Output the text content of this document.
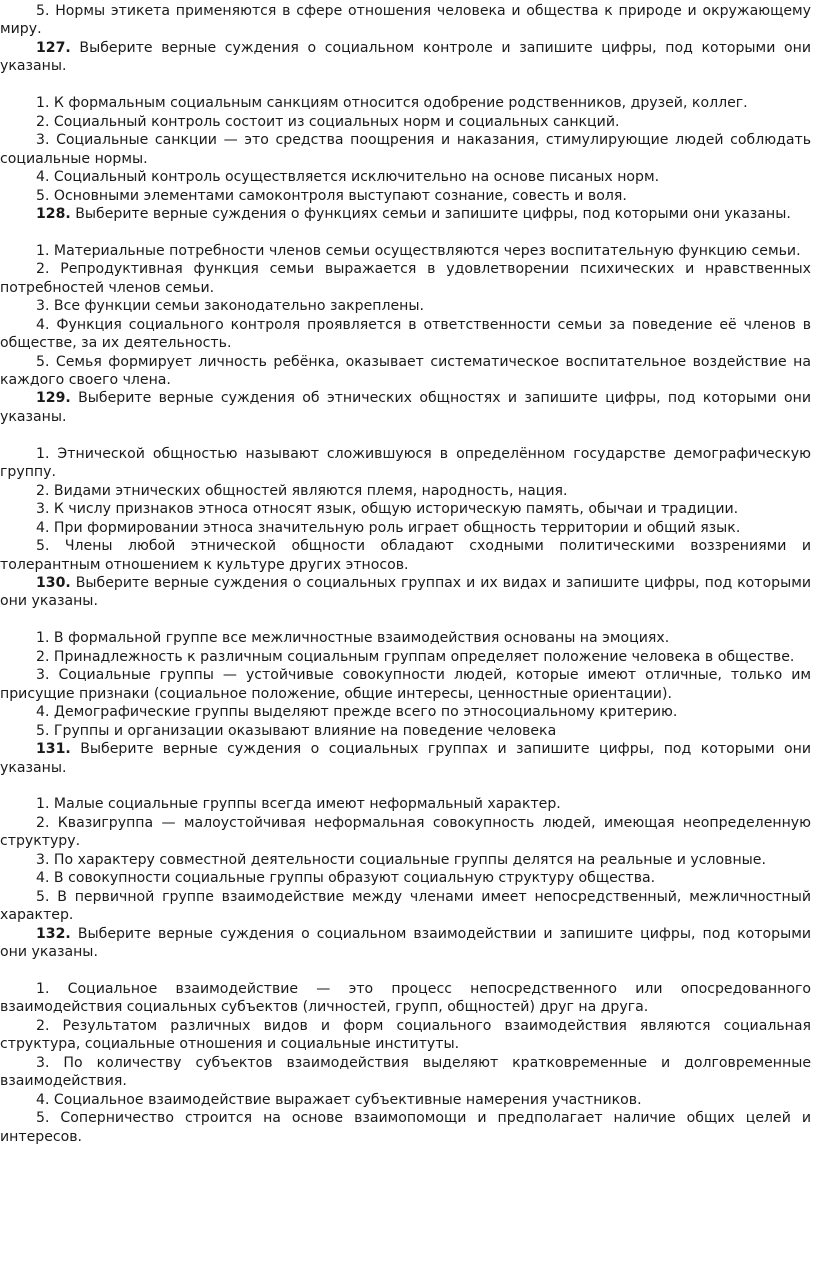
5. Нормы этикета применяются в сфере отношения человека и общества к природе и окружающему миру.

127. Выберите верные суждения о социальном контроле и запишите цифры, под которыми они указаны.

1. К формальным социальным санкциям относится одобрение родственников, друзей, коллег.

2. Социальный контроль состоит из социальных норм и социальных санкций.

3. Социальные санкции — это средства поощрения и наказания, стимулирующие людей соблюдать социальные нормы.

4. Социальный контроль осуществляется исключительно на основе писаных норм.

5. Основными элементами самоконтроля выступают сознание, совесть и воля.

128. Выберите верные суждения о функциях семьи и запишите цифры, под которыми они указаны.

1. Материальные потребности членов семьи осуществляются через воспитательную функцию семьи.

2. Репродуктивная функция семьи выражается в удовлетворении психических и нравственных потребностей членов семьи.

3. Все функции семьи законодательно закреплены.

4. Функция социального контроля проявляется в ответственности семьи за поведение её членов в обществе, за их деятельность.

5. Семья формирует личность ребёнка, оказывает систематическое воспитательное воздействие на каждого своего члена.

129. Выберите верные суждения об этнических общностях и запишите цифры, под которыми они указаны.

1. Этнической общностью называют сложившуюся в определённом государстве демографическую группу.

2. Видами этнических общностей являются племя, народность, нация.

3. К числу признаков этноса относят язык, общую историческую память, обычаи и традиции.

4. При формировании этноса значительную роль играет общность территории и общий язык.

5. Члены любой этнической общности обладают сходными политическими воззрениями и толерантным отношением к культуре других этносов.

130. Выберите верные суждения о социальных группах и их видах и запишите цифры, под которыми они указаны.

1. В формальной группе все межличностные взаимодействия основаны на эмоциях.

2. Принадлежность к различным социальным группам определяет положение человека в обществе.

3. Социальные группы — устойчивые совокупности людей, которые имеют отличные, только им присущие признаки (социальное положение, общие интересы, ценностные ориентации).

4. Демографические группы выделяют прежде всего по этносоциальному критерию.

5. Группы и организации оказывают влияние на поведение человека

131. Выберите верные суждения о социальных группах и запишите цифры, под которыми они указаны.

1. Малые социальные группы всегда имеют неформальный характер.

2. Квазигруппа — малоустойчивая неформальная совокупность людей, имеющая неопределенную структуру.

3. По характеру совместной деятельности социальные группы делятся на реальные и условные.

4. В совокупности социальные группы образуют социальную структуру общества.

5. В первичной группе взаимодействие между членами имеет непосредственный, межличностный характер.

132. Выберите верные суждения о социальном взаимодействии и запишите цифры, под которыми они указаны.

1. Социальное взаимодействие — это процесс непосредственного или опосредованного взаимодействия социальных субъектов (личностей, групп, общностей) друг на друга.

2. Результатом различных видов и форм социального взаимодействия являются социальная структура, социальные отношения и социальные институты.

3. По количеству субъектов взаимодействия выделяют кратковременные и долговременные взаимодействия.

4. Социальное взаимодействие выражает субъективные намерения участников.

5. Соперничество строится на основе взаимопомощи и предполагает наличие общих целей и интересов.
